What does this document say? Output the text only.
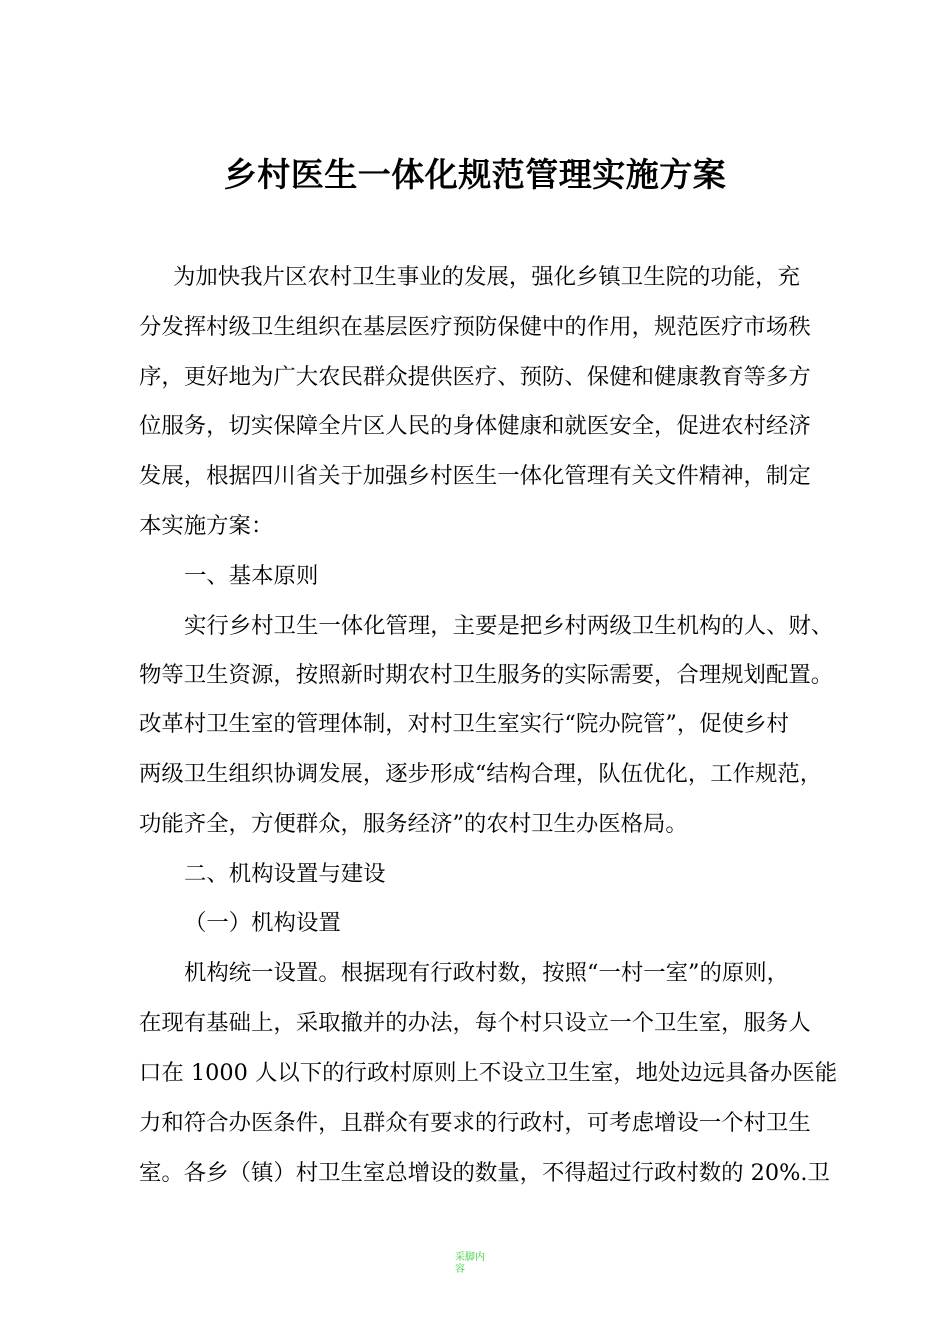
乡村医生一体化规范管理实施方案
为加快我片区农村卫生事业的发展，强化乡镇卫生院的功能，充
分发挥村级卫生组织在基层医疗预防保健中的作用，规范医疗市场秩
序，更好地为广大农民群众提供医疗、预防、保健和健康教育等多方
位服务，切实保障全片区人民的身体健康和就医安全，促进农村经济
发展，根据四川省关于加强乡村医生一体化管理有关文件精神，制定
本实施方案：
一、基本原则
实行乡村卫生一体化管理，主要是把乡村两级卫生机构的人、财、
物等卫生资源，按照新时期农村卫生服务的实际需要，合理规划配置。
改革村卫生室的管理体制，对村卫生室实行“院办院管”，促使乡村
两级卫生组织协调发展，逐步形成“结构合理，队伍优化，工作规范，
功能齐全，方便群众，服务经济”的农村卫生办医格局。
二、机构设置与建设
（一）机构设置
机构统一设置。根据现有行政村数，按照“一村一室”的原则，
在现有基础上，采取撤并的办法，每个村只设立一个卫生室，服务人
口在 1000 人以下的行政村原则上不设立卫生室，地处边远具备办医能
力和符合办医条件，且群众有要求的行政村，可考虑增设一个村卫生
室。各乡（镇）村卫生室总增设的数量，不得超过行政村数的 20%.卫
采脚内容
